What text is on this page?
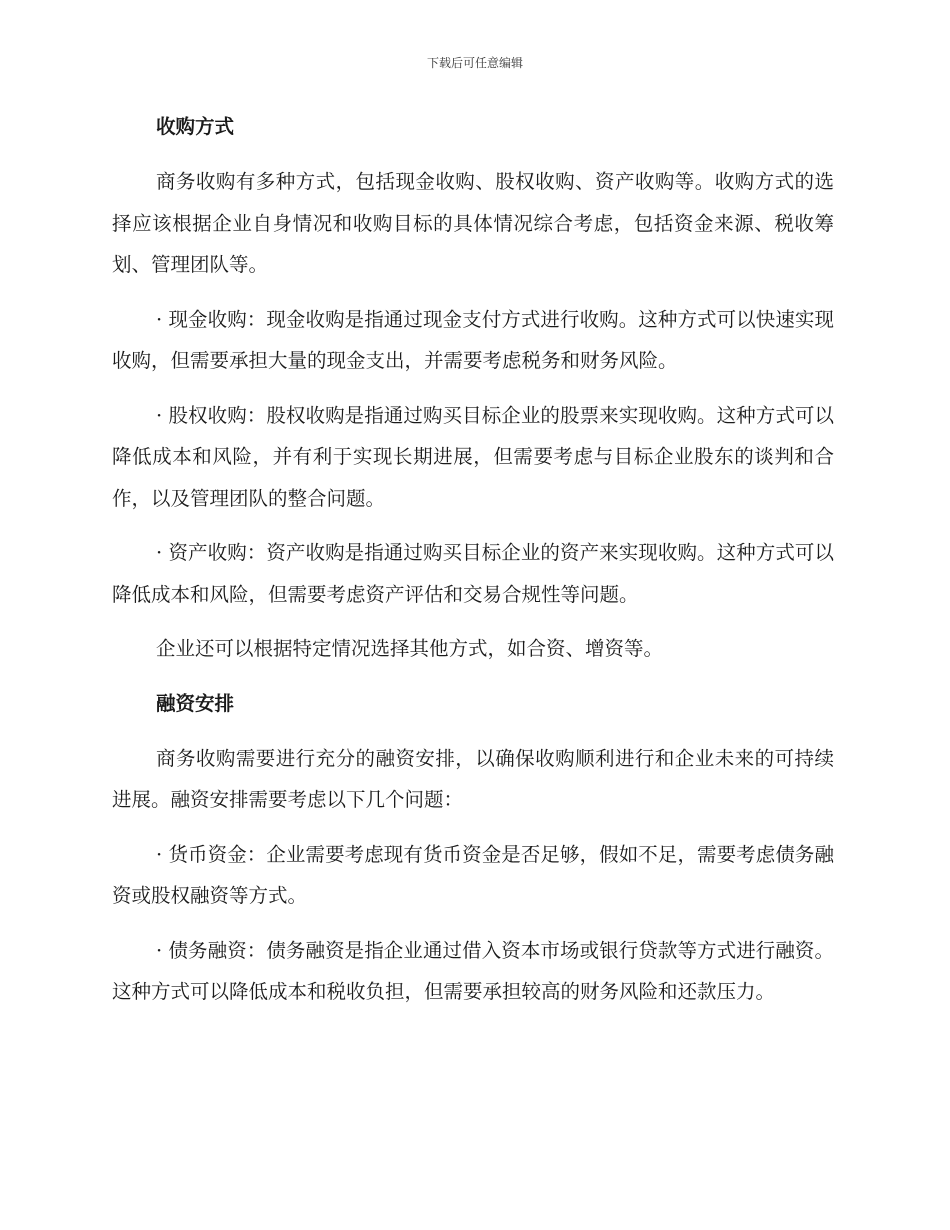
下载后可任意编辑
收购方式

商务收购有多种方式，包括现金收购、股权收购、资产收购等。收购方式的选择应该根据企业自身情况和收购目标的具体情况综合考虑，包括资金来源、税收筹划、管理团队等。

· 现金收购：现金收购是指通过现金支付方式进行收购。这种方式可以快速实现收购，但需要承担大量的现金支出，并需要考虑税务和财务风险。

· 股权收购：股权收购是指通过购买目标企业的股票来实现收购。这种方式可以降低成本和风险，并有利于实现长期进展，但需要考虑与目标企业股东的谈判和合作，以及管理团队的整合问题。

· 资产收购：资产收购是指通过购买目标企业的资产来实现收购。这种方式可以降低成本和风险，但需要考虑资产评估和交易合规性等问题。

企业还可以根据特定情况选择其他方式，如合资、增资等。

融资安排

商务收购需要进行充分的融资安排，以确保收购顺利进行和企业未来的可持续进展。融资安排需要考虑以下几个问题：

· 货币资金：企业需要考虑现有货币资金是否足够，假如不足，需要考虑债务融资或股权融资等方式。

· 债务融资：债务融资是指企业通过借入资本市场或银行贷款等方式进行融资。这种方式可以降低成本和税收负担，但需要承担较高的财务风险和还款压力。
